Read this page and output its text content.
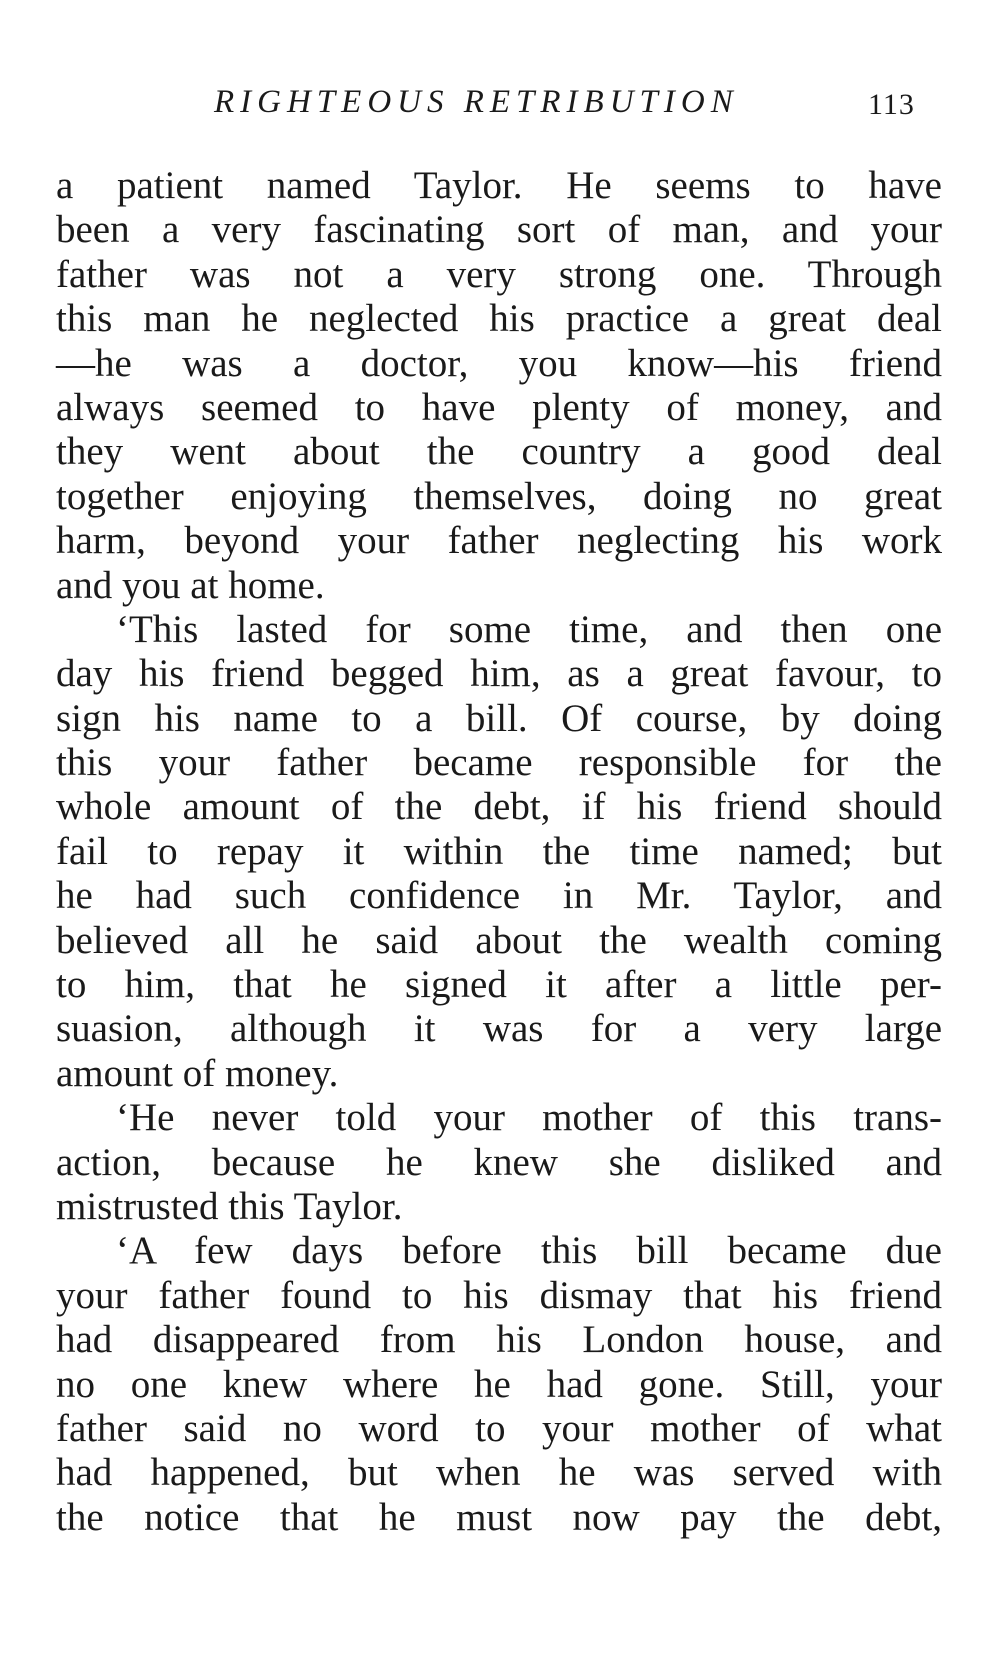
RIGHTEOUS RETRIBUTION	113
a patient named Taylor. He seems to have
been a very fascinating sort of man, and your
father was not a very strong one. Through
this man he neglected his practice a great deal
—he was a doctor, you know—his friend
always seemed to have plenty of money, and
they went about the country a good deal
together enjoying themselves, doing no great
harm, beyond your father neglecting his work
and you at home.
‘This lasted for some time, and then one
day his friend begged him, as a great favour, to
sign his name to a bill. Of course, by doing
this your father became responsible for the
whole amount of the debt, if his friend should
fail to repay it within the time named; but
he had such confidence in Mr. Taylor, and
believed all he said about the wealth coming
to him, that he signed it after a little per-
suasion, although it was for a very large
amount of money.
‘He never told your mother of this trans-
action, because he knew she disliked and
mistrusted this Taylor.
‘A few days before this bill became due
your father found to his dismay that his friend
had disappeared from his London house, and
no one knew where he had gone. Still, your
father said no word to your mother of what
had happened, but when he was served with
the notice that he must now pay the debt,
